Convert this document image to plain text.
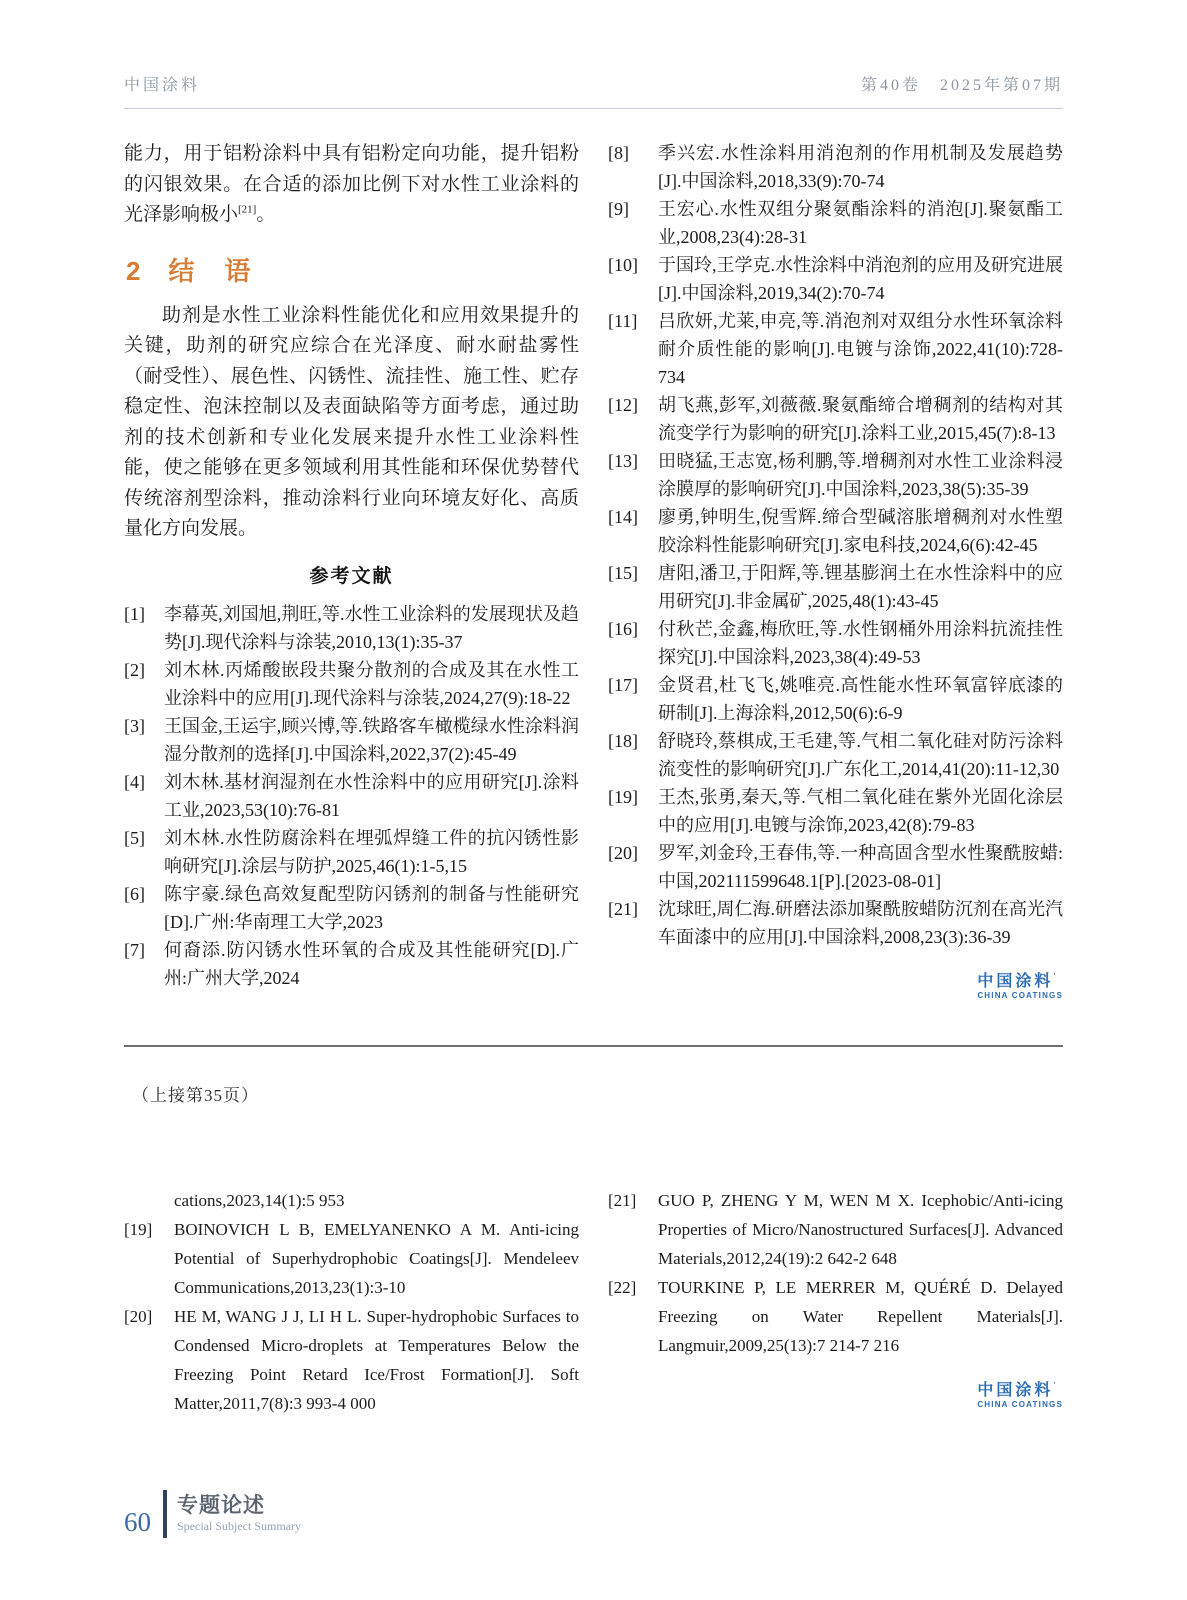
中国涂料	第40卷　2025年第07期

能力，用于铝粉涂料中具有铝粉定向功能，提升铝粉的闪银效果。在合适的添加比例下对水性工业涂料的光泽影响极小[21]。

2 结　语

助剂是水性工业涂料性能优化和应用效果提升的关键，助剂的研究应综合在光泽度、耐水耐盐雾性（耐受性）、展色性、闪锈性、流挂性、施工性、贮存稳定性、泡沫控制以及表面缺陷等方面考虑，通过助剂的技术创新和专业化发展来提升水性工业涂料性能，使之能够在更多领域利用其性能和环保优势替代传统溶剂型涂料，推动涂料行业向环境友好化、高质量化方向发展。

参考文献
[1]	李幕英,刘国旭,荆旺,等.水性工业涂料的发展现状及趋势[J].现代涂料与涂装,2010,13(1):35-37
[2]	刘木林.丙烯酸嵌段共聚分散剂的合成及其在水性工业涂料中的应用[J].现代涂料与涂装,2024,27(9):18-22
[3]	王国金,王运宇,顾兴博,等.铁路客车橄榄绿水性涂料润湿分散剂的选择[J].中国涂料,2022,37(2):45-49
[4]	刘木林.基材润湿剂在水性涂料中的应用研究[J].涂料工业,2023,53(10):76-81
[5]	刘木林.水性防腐涂料在埋弧焊缝工件的抗闪锈性影响研究[J].涂层与防护,2025,46(1):1-5,15
[6]	陈宇豪.绿色高效复配型防闪锈剂的制备与性能研究[D].广州:华南理工大学,2023
[7]	何裔添.防闪锈水性环氧的合成及其性能研究[D].广州:广州大学,2024
[8]	季兴宏.水性涂料用消泡剂的作用机制及发展趋势[J].中国涂料,2018,33(9):70-74
[9]	王宏心.水性双组分聚氨酯涂料的消泡[J].聚氨酯工业,2008,23(4):28-31
[10]	于国玲,王学克.水性涂料中消泡剂的应用及研究进展[J].中国涂料,2019,34(2):70-74
[11]	吕欣妍,尤莱,申亮,等.消泡剂对双组分水性环氧涂料耐介质性能的影响[J].电镀与涂饰,2022,41(10):728-734
[12]	胡飞燕,彭军,刘薇薇.聚氨酯缔合增稠剂的结构对其流变学行为影响的研究[J].涂料工业,2015,45(7):8-13
[13]	田晓猛,王志宽,杨利鹏,等.增稠剂对水性工业涂料浸涂膜厚的影响研究[J].中国涂料,2023,38(5):35-39
[14]	廖勇,钟明生,倪雪辉.缔合型碱溶胀增稠剂对水性塑胶涂料性能影响研究[J].家电科技,2024,6(6):42-45
[15]	唐阳,潘卫,于阳辉,等.锂基膨润土在水性涂料中的应用研究[J].非金属矿,2025,48(1):43-45
[16]	付秋芒,金鑫,梅欣旺,等.水性钢桶外用涂料抗流挂性探究[J].中国涂料,2023,38(4):49-53
[17]	金贤君,杜飞飞,姚唯亮.高性能水性环氧富锌底漆的研制[J].上海涂料,2012,50(6):6-9
[18]	舒晓玲,蔡棋成,王毛建,等.气相二氧化硅对防污涂料流变性的影响研究[J].广东化工,2014,41(20):11-12,30
[19]	王杰,张勇,秦天,等.气相二氧化硅在紫外光固化涂层中的应用[J].电镀与涂饰,2023,42(8):79-83
[20]	罗军,刘金玲,王春伟,等.一种高固含型水性聚酰胺蜡:中国,202111599648.1[P].[2023-08-01]
[21]	沈球旺,周仁海.研磨法添加聚酰胺蜡防沉剂在高光汽车面漆中的应用[J].中国涂料,2008,23(3):36-39
中国涂料’
CHINA COATINGS

（上接第35页）

cations,2023,14(1):5 953

[19]	BOINOVICH L B, EMELYANENKO A M. Anti-icing Potential of Superhydrophobic Coatings[J]. Mendeleev Communications,2013,23(1):3-10
[20]	HE M, WANG J J, LI H L. Super-hydrophobic Surfaces to Condensed Micro-droplets at Temperatures Below the Freezing Point Retard Ice/Frost Formation[J]. Soft Matter,2011,7(8):3 993-4 000
[21]	GUO P, ZHENG Y M, WEN M X. Icephobic/Anti-icing Properties of Micro/Nanostructured Surfaces[J]. Advanced Materials,2012,24(19):2 642-2 648
[22]	TOURKINE P, LE MERRER M, QUÉRÉ D. Delayed Freezing on Water Repellent Materials[J]. Langmuir,2009,25(13):7 214-7 216
中国涂料’
CHINA COATINGS
60
专题论述
Special Subject Summary
